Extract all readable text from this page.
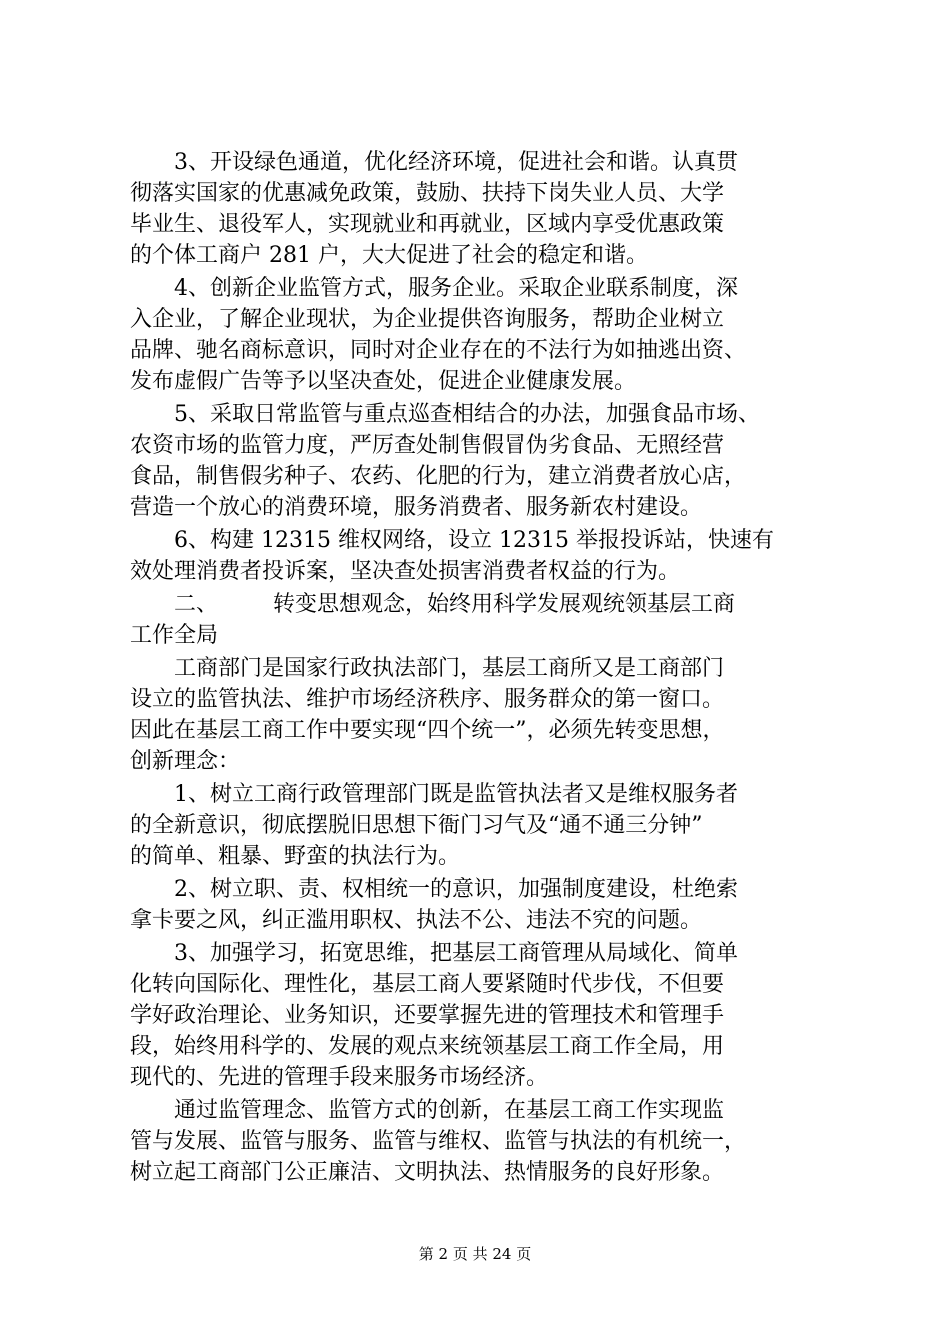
　　3、开设绿色通道，优化经济环境，促进社会和谐。认真贯
彻落实国家的优惠减免政策，鼓励、扶持下岗失业人员、大学
毕业生、退役军人，实现就业和再就业，区域内享受优惠政策
的个体工商户 281 户，大大促进了社会的稳定和谐。
　　4、创新企业监管方式，服务企业。采取企业联系制度，深
入企业，了解企业现状，为企业提供咨询服务，帮助企业树立
品牌、驰名商标意识，同时对企业存在的不法行为如抽逃出资、
发布虚假广告等予以坚决查处，促进企业健康发展。
　　5、采取日常监管与重点巡查相结合的办法，加强食品市场、
农资市场的监管力度，严厉查处制售假冒伪劣食品、无照经营
食品，制售假劣种子、农药、化肥的行为，建立消费者放心店，
营造一个放心的消费环境，服务消费者、服务新农村建设。
　　6、构建 12315 维权网络，设立 12315 举报投诉站，快速有
效处理消费者投诉案，坚决查处损害消费者权益的行为。
　　二、　　　转变思想观念，始终用科学发展观统领基层工商
工作全局
　　工商部门是国家行政执法部门，基层工商所又是工商部门
设立的监管执法、维护市场经济秩序、服务群众的第一窗口。
因此在基层工商工作中要实现“四个统一”，必须先转变思想，
创新理念：
　　1、树立工商行政管理部门既是监管执法者又是维权服务者
的全新意识，彻底摆脱旧思想下衙门习气及“通不通三分钟”
的简单、粗暴、野蛮的执法行为。
　　2、树立职、责、权相统一的意识，加强制度建设，杜绝索
拿卡要之风，纠正滥用职权、执法不公、违法不究的问题。
　　3、加强学习，拓宽思维，把基层工商管理从局域化、简单
化转向国际化、理性化，基层工商人要紧随时代步伐，不但要
学好政治理论、业务知识，还要掌握先进的管理技术和管理手
段，始终用科学的、发展的观点来统领基层工商工作全局，用
现代的、先进的管理手段来服务市场经济。
　　通过监管理念、监管方式的创新，在基层工商工作实现监
管与发展、监管与服务、监管与维权、监管与执法的有机统一，
树立起工商部门公正廉洁、文明执法、热情服务的良好形象。
第 2 页 共 24 页
